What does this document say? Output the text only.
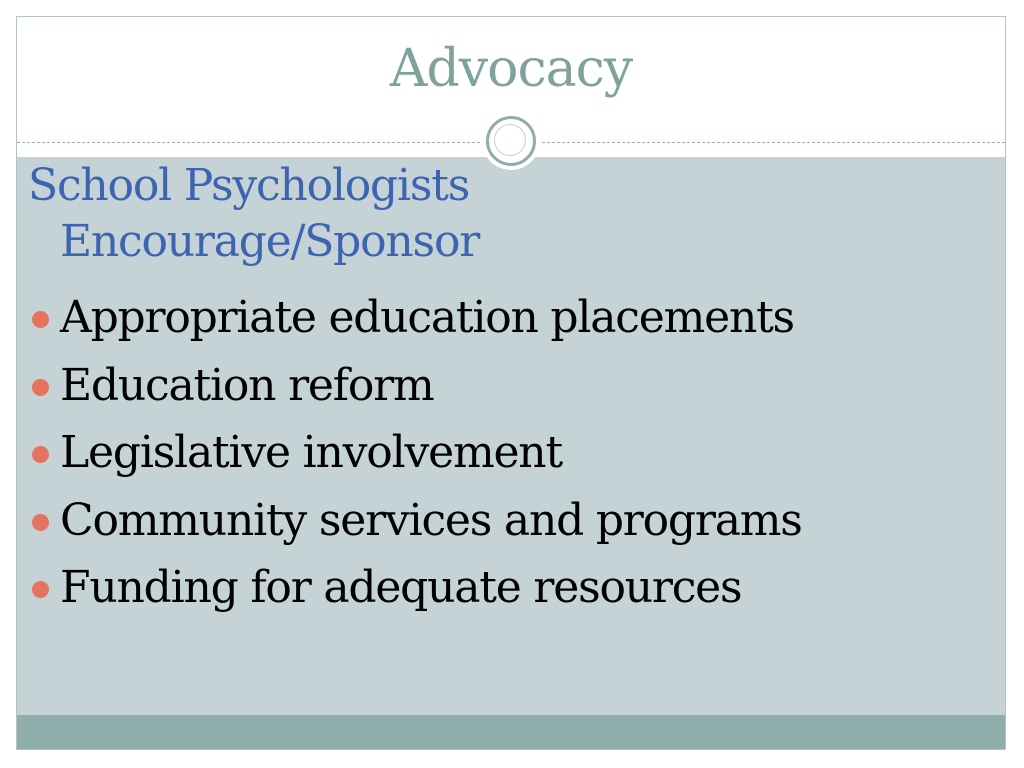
Advocacy
School Psychologists
Encourage/Sponsor
Appropriate education placements
Education reform
Legislative involvement
Community services and programs
Funding for adequate resources
